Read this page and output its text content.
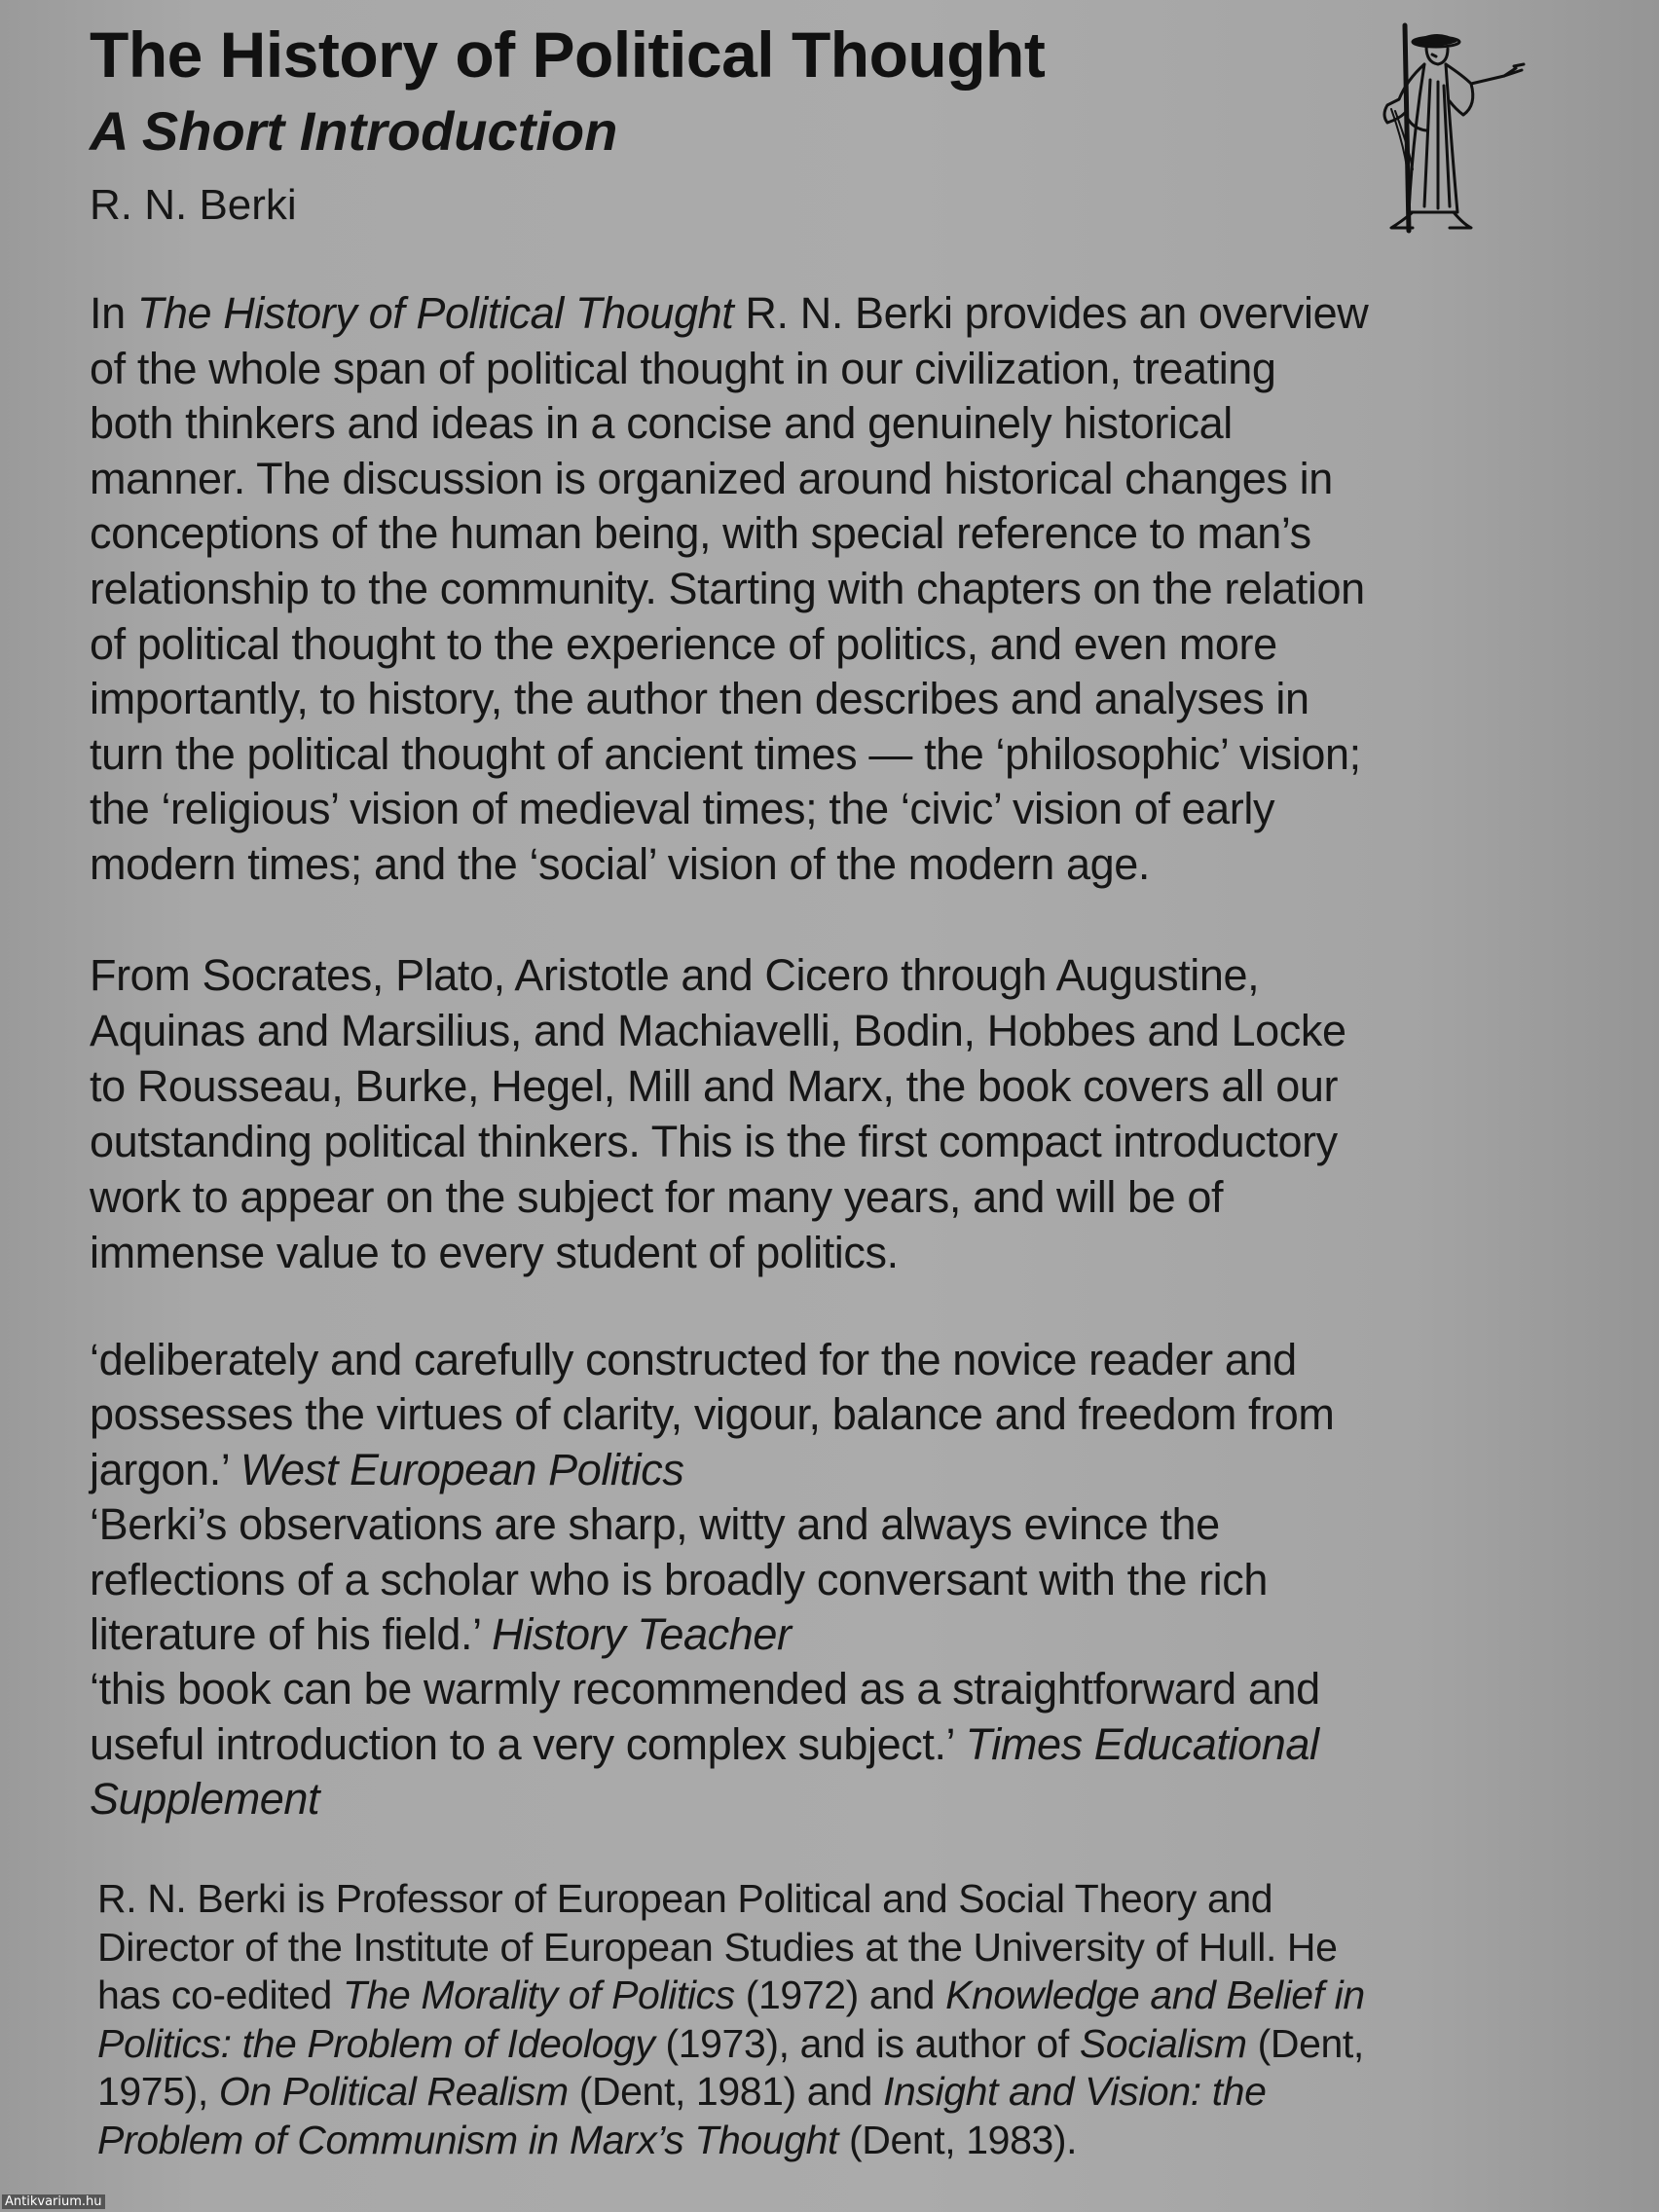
The History of Political Thought
A Short Introduction
R. N. Berki
In The History of Political Thought R. N. Berki provides an overview
of the whole span of political thought in our civilization, treating
both thinkers and ideas in a concise and genuinely historical
manner. The discussion is organized around historical changes in
conceptions of the human being, with special reference to man’s
relationship to the community. Starting with chapters on the relation
of political thought to the experience of politics, and even more
importantly, to history, the author then describes and analyses in
turn the political thought of ancient times — the ‘philosophic’ vision;
the ‘religious’ vision of medieval times; the ‘civic’ vision of early
modern times; and the ‘social’ vision of the modern age.
From Socrates, Plato, Aristotle and Cicero through Augustine,
Aquinas and Marsilius, and Machiavelli, Bodin, Hobbes and Locke
to Rousseau, Burke, Hegel, Mill and Marx, the book covers all our
outstanding political thinkers. This is the first compact introductory
work to appear on the subject for many years, and will be of
immense value to every student of politics.
‘deliberately and carefully constructed for the novice reader and
possesses the virtues of clarity, vigour, balance and freedom from
jargon.’ West European Politics
‘Berki’s observations are sharp, witty and always evince the
reflections of a scholar who is broadly conversant with the rich
literature of his field.’ History Teacher
‘this book can be warmly recommended as a straightforward and
useful introduction to a very complex subject.’ Times Educational
Supplement
R. N. Berki is Professor of European Political and Social Theory and
Director of the Institute of European Studies at the University of Hull. He
has co-edited The Morality of Politics (1972) and Knowledge and Belief in
Politics: the Problem of Ideology (1973), and is author of Socialism (Dent,
1975), On Political Realism (Dent, 1981) and Insight and Vision: the
Problem of Communism in Marx’s Thought (Dent, 1983).
Antikvarium.hu
